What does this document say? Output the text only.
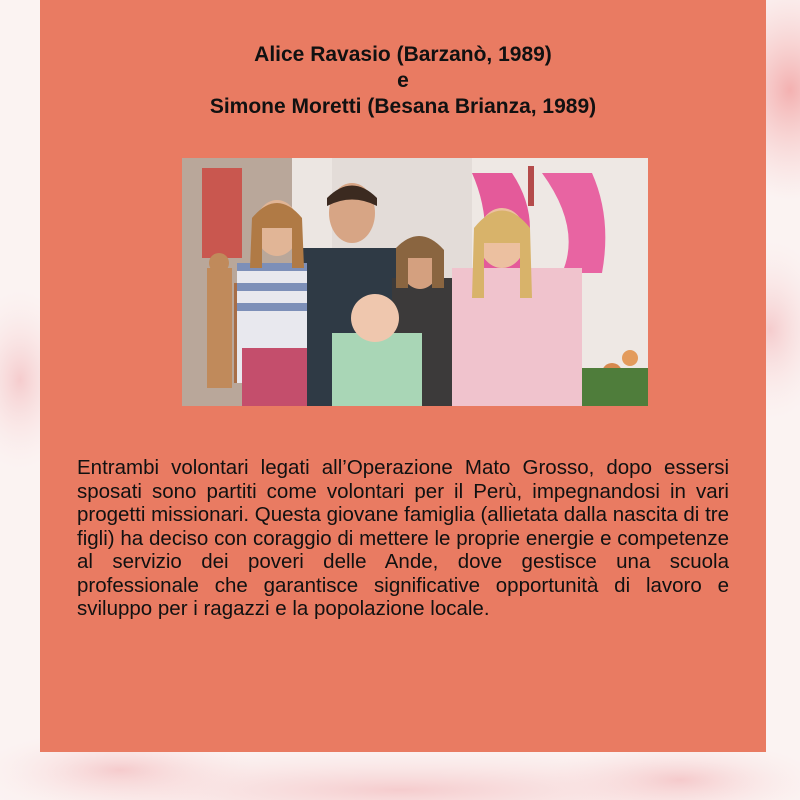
Alice Ravasio (Barzanò, 1989)
e
Simone Moretti (Besana Brianza, 1989)

Entrambi volontari legati all’Operazione Mato Grosso, dopo essersi sposati sono partiti come volontari per il Perù, impegnandosi in vari progetti missionari. Questa giovane famiglia (allietata dalla nascita di tre figli) ha deciso con coraggio di mettere le proprie energie e competenze al servizio dei poveri delle Ande, dove gestisce una scuola professionale che garantisce significative opportunità di lavoro e sviluppo per i ragazzi e la popolazione locale.
